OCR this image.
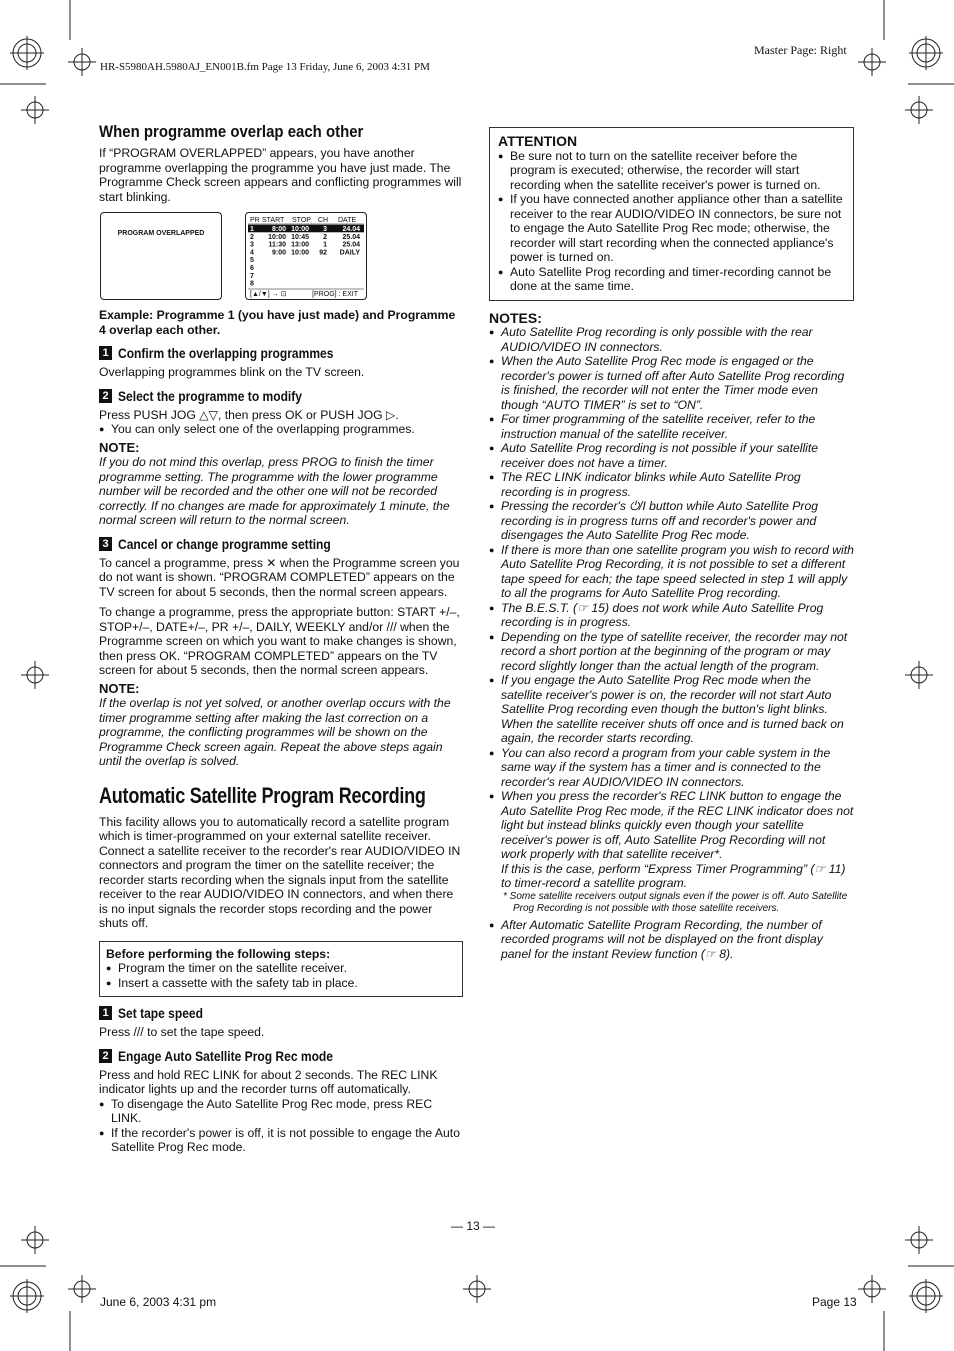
HR-S5980AH.5980AJ_EN001B.fm Page 13 Friday, June 6, 2003 4:31 PM
Master Page: Right
When programme overlap each other

If “PROGRAM OVERLAPPED” appears, you have another programme overlapping the programme you have just made. The Programme Check screen appears and conflicting programmes will start blinking.

PROGRAM OVERLAPPED
PR START STOP CH DATE
1	8:00 10:00 3 24.04
2 10:00 10:45 2 25.04
3 11:30 13:00 1 25.04
4	9:00 10:00 92 DAILY
5
6
7
8
[▲/▼] → ⊡	[PROG] : EXIT

Example: Programme 1 (you have just made) and Programme 4 overlap each other.

1 Confirm the overlapping programmes

Overlapping programmes blink on the TV screen.

2 Select the programme to modify

Press PUSH JOG △▽, then press OK or PUSH JOG ▷.

● You can only select one of the overlapping programmes.

NOTE:

If you do not mind this overlap, press PROG to finish the timer programme setting. The programme with the lower programme number will be recorded and the other one will not be recorded correctly. If no changes are made for approximately 1 minute, the normal screen will return to the normal screen.

3 Cancel or change programme setting

To cancel a programme, press ✕ when the Programme screen you do not want is shown. “PROGRAM COMPLETED” appears on the TV screen for about 5 seconds, then the normal screen appears.

To change a programme, press the appropriate button: START +/–, STOP+/–, DATE+/–, PR +/–, DAILY, WEEKLY and/or /// when the Programme screen on which you want to make changes is shown, then press OK. “PROGRAM COMPLETED” appears on the TV screen for about 5 seconds, then the normal screen appears.

NOTE:

If the overlap is not yet solved, or another overlap occurs with the timer programme setting after making the last correction on a programme, the conflicting programmes will be shown on the Programme Check screen again. Repeat the above steps again until the overlap is solved.

Automatic Satellite Program Recording

This facility allows you to automatically record a satellite program which is timer-programmed on your external satellite receiver. Connect a satellite receiver to the recorder's rear AUDIO/VIDEO IN connectors and program the timer on the satellite receiver; the recorder starts recording when the signals input from the satellite receiver to the rear AUDIO/VIDEO IN connectors, and when there is no input signals the recorder stops recording and the power shuts off.

Before performing the following steps:

● Program the timer on the satellite receiver.
● Insert a cassette with the safety tab in place.
1 Set tape speed

Press /// to set the tape speed.

2 Engage Auto Satellite Prog Rec mode

Press and hold REC LINK for about 2 seconds. The REC LINK indicator lights up and the recorder turns off automatically.

● To disengage the Auto Satellite Prog Rec mode, press REC LINK.
● If the recorder's power is off, it is not possible to engage the Auto Satellite Prog Rec mode.

ATTENTION

● Be sure not to turn on the satellite receiver before the program is executed; otherwise, the recorder will start recording when the satellite receiver's power is turned on.
● If you have connected another appliance other than a satellite receiver to the rear AUDIO/VIDEO IN connectors, be sure not to engage the Auto Satellite Prog Rec mode; otherwise, the recorder will start recording when the connected appliance's power is turned on.
● Auto Satellite Prog recording and timer-recording cannot be done at the same time.

NOTES:

● Auto Satellite Prog recording is only possible with the rear AUDIO/VIDEO IN connectors.
● When the Auto Satellite Prog Rec mode is engaged or the recorder's power is turned off after Auto Satellite Prog recording is finished, the recorder will not enter the Timer mode even though “AUTO TIMER” is set to “ON”.
● For timer programming of the satellite receiver, refer to the instruction manual of the satellite receiver.
● Auto Satellite Prog recording is not possible if your satellite receiver does not have a timer.
● The REC LINK indicator blinks while Auto Satellite Prog recording is in progress.
● Pressing the recorder's ⏻/I button while Auto Satellite Prog recording is in progress turns off and recorder's power and disengages the Auto Satellite Prog Rec mode.
● If there is more than one satellite program you wish to record with Auto Satellite Prog Recording, it is not possible to set a different tape speed for each; the tape speed selected in step 1 will apply to all the programs for Auto Satellite Prog recording.
● The B.E.S.T. (☞ 15) does not work while Auto Satellite Prog recording is in progress.
● Depending on the type of satellite receiver, the recorder may not record a short portion at the beginning of the program or may record slightly longer than the actual length of the program.
● If you engage the Auto Satellite Prog Rec mode when the satellite receiver's power is on, the recorder will not start Auto Satellite Prog recording even though the button's light blinks. When the satellite receiver shuts off once and is turned back on again, the recorder starts recording.
● You can also record a program from your cable system in the same way if the system has a timer and is connected to the recorder's rear AUDIO/VIDEO IN connectors.
● When you press the recorder's REC LINK button to engage the Auto Satellite Prog Rec mode, if the REC LINK indicator does not light but instead blinks quickly even though your satellite receiver's power is off, Auto Satellite Prog Recording will not work properly with that satellite receiver*.

If this is the case, perform “Express Timer Programming” (☞ 11) to timer-record a satellite program.

* Some satellite receivers output signals even if the power is off. Auto Satellite Prog Recording is not possible with those satellite receivers.

● After Automatic Satellite Program Recording, the number of recorded programs will not be displayed on the front display panel for the instant Review function (☞ 8).
— 13 —
June 6, 2003 4:31 pm	Page 13
